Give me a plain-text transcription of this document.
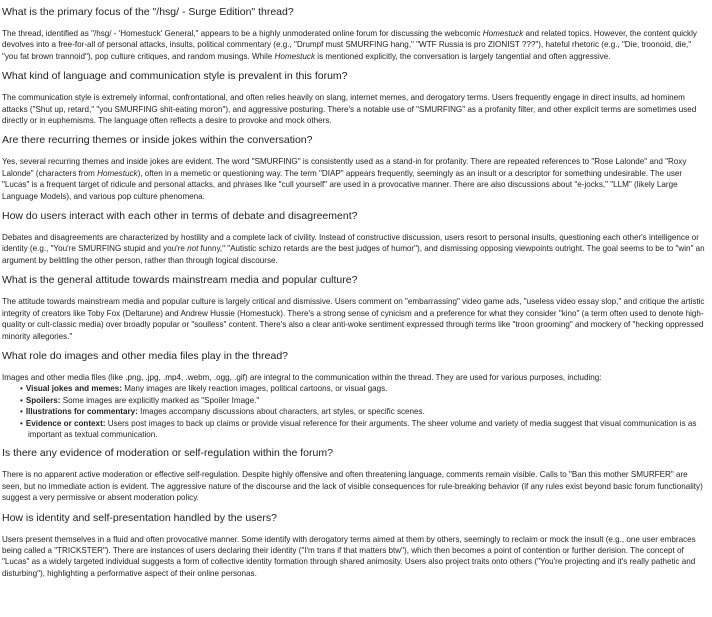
What is the primary focus of the "/hsg/ - Surge Edition" thread?

The thread, identified as "/hsg/ - 'Homestuck' General," appears to be a highly unmoderated online forum for discussing the webcomic Homestuck and related topics. However, the content quickly devolves into a free-for-all of personal attacks, insults, political commentary (e.g., "Drumpf must SMURFING hang," "WTF Russia is pro ZIONIST ???"), hateful rhetoric (e.g., "Die, troonoid, die," "you fat brown trannoid"), pop culture critiques, and random musings. While Homestuck is mentioned explicitly, the conversation is largely tangential and often aggressive.

What kind of language and communication style is prevalent in this forum?

The communication style is extremely informal, confrontational, and often relies heavily on slang, internet memes, and derogatory terms. Users frequently engage in direct insults, ad hominem attacks ("Shut up, retard," "you SMURFING shit-eating moron"), and aggressive posturing. There's a notable use of "SMURFING" as a profanity filter, and other explicit terms are sometimes used directly or in euphemisms. The language often reflects a desire to provoke and mock others.

Are there recurring themes or inside jokes within the conversation?

Yes, several recurring themes and inside jokes are evident. The word "SMURFING" is consistently used as a stand-in for profanity. There are repeated references to "Rose Lalonde" and "Roxy Lalonde" (characters from Homestuck), often in a memetic or questioning way. The term "DIAP" appears frequently, seemingly as an insult or a descriptor for something undesirable. The user "Lucas" is a frequent target of ridicule and personal attacks, and phrases like "cull yourself" are used in a provocative manner. There are also discussions about "e-jocks," "LLM" (likely Large Language Models), and various pop culture phenomena.

How do users interact with each other in terms of debate and disagreement?

Debates and disagreements are characterized by hostility and a complete lack of civility. Instead of constructive discussion, users resort to personal insults, questioning each other's intelligence or identity (e.g., "You're SMURFING stupid and you're not funny," "Autistic schizo retards are the best judges of humor"), and dismissing opposing viewpoints outright. The goal seems to be to "win" an argument by belittling the other person, rather than through logical discourse.

What is the general attitude towards mainstream media and popular culture?

The attitude towards mainstream media and popular culture is largely critical and dismissive. Users comment on "embarrassing" video game ads, "useless video essay slop," and critique the artistic integrity of creators like Toby Fox (Deltarune) and Andrew Hussie (Homestuck). There's a strong sense of cynicism and a preference for what they consider "kino" (a term often used to denote high-quality or cult-classic media) over broadly popular or "soulless" content. There's also a clear anti-woke sentiment expressed through terms like "troon grooming" and mockery of "hecking oppressed minority allegories."

What role do images and other media files play in the thread?

Images and other media files (like .png, .jpg, .mp4, .webm, .ogg, .gif) are integral to the communication within the thread. They are used for various purposes, including:

• Visual jokes and memes: Many images are likely reaction images, political cartoons, or visual gags.
• Spoilers: Some images are explicitly marked as "Spoiler Image."
• Illustrations for commentary: Images accompany discussions about characters, art styles, or specific scenes.
• Evidence or context: Users post images to back up claims or provide visual reference for their arguments. The sheer volume and variety of media suggest that visual communication is as important as textual communication.
Is there any evidence of moderation or self-regulation within the forum?

There is no apparent active moderation or effective self-regulation. Despite highly offensive and often threatening language, comments remain visible. Calls to "Ban this mother SMURFER" are seen, but no immediate action is evident. The aggressive nature of the discourse and the lack of visible consequences for rule-breaking behavior (if any rules exist beyond basic forum functionality) suggest a very permissive or absent moderation policy.

How is identity and self-presentation handled by the users?

Users present themselves in a fluid and often provocative manner. Some identify with derogatory terms aimed at them by others, seemingly to reclaim or mock the insult (e.g., one user embraces being called a "TRICKSTER"). There are instances of users declaring their identity ("I'm trans if that matters btw"), which then becomes a point of contention or further derision. The concept of "Lucas" as a widely targeted individual suggests a form of collective identity formation through shared animosity. Users also project traits onto others ("You're projecting and it's really pathetic and disturbing"), highlighting a performative aspect of their online personas.
